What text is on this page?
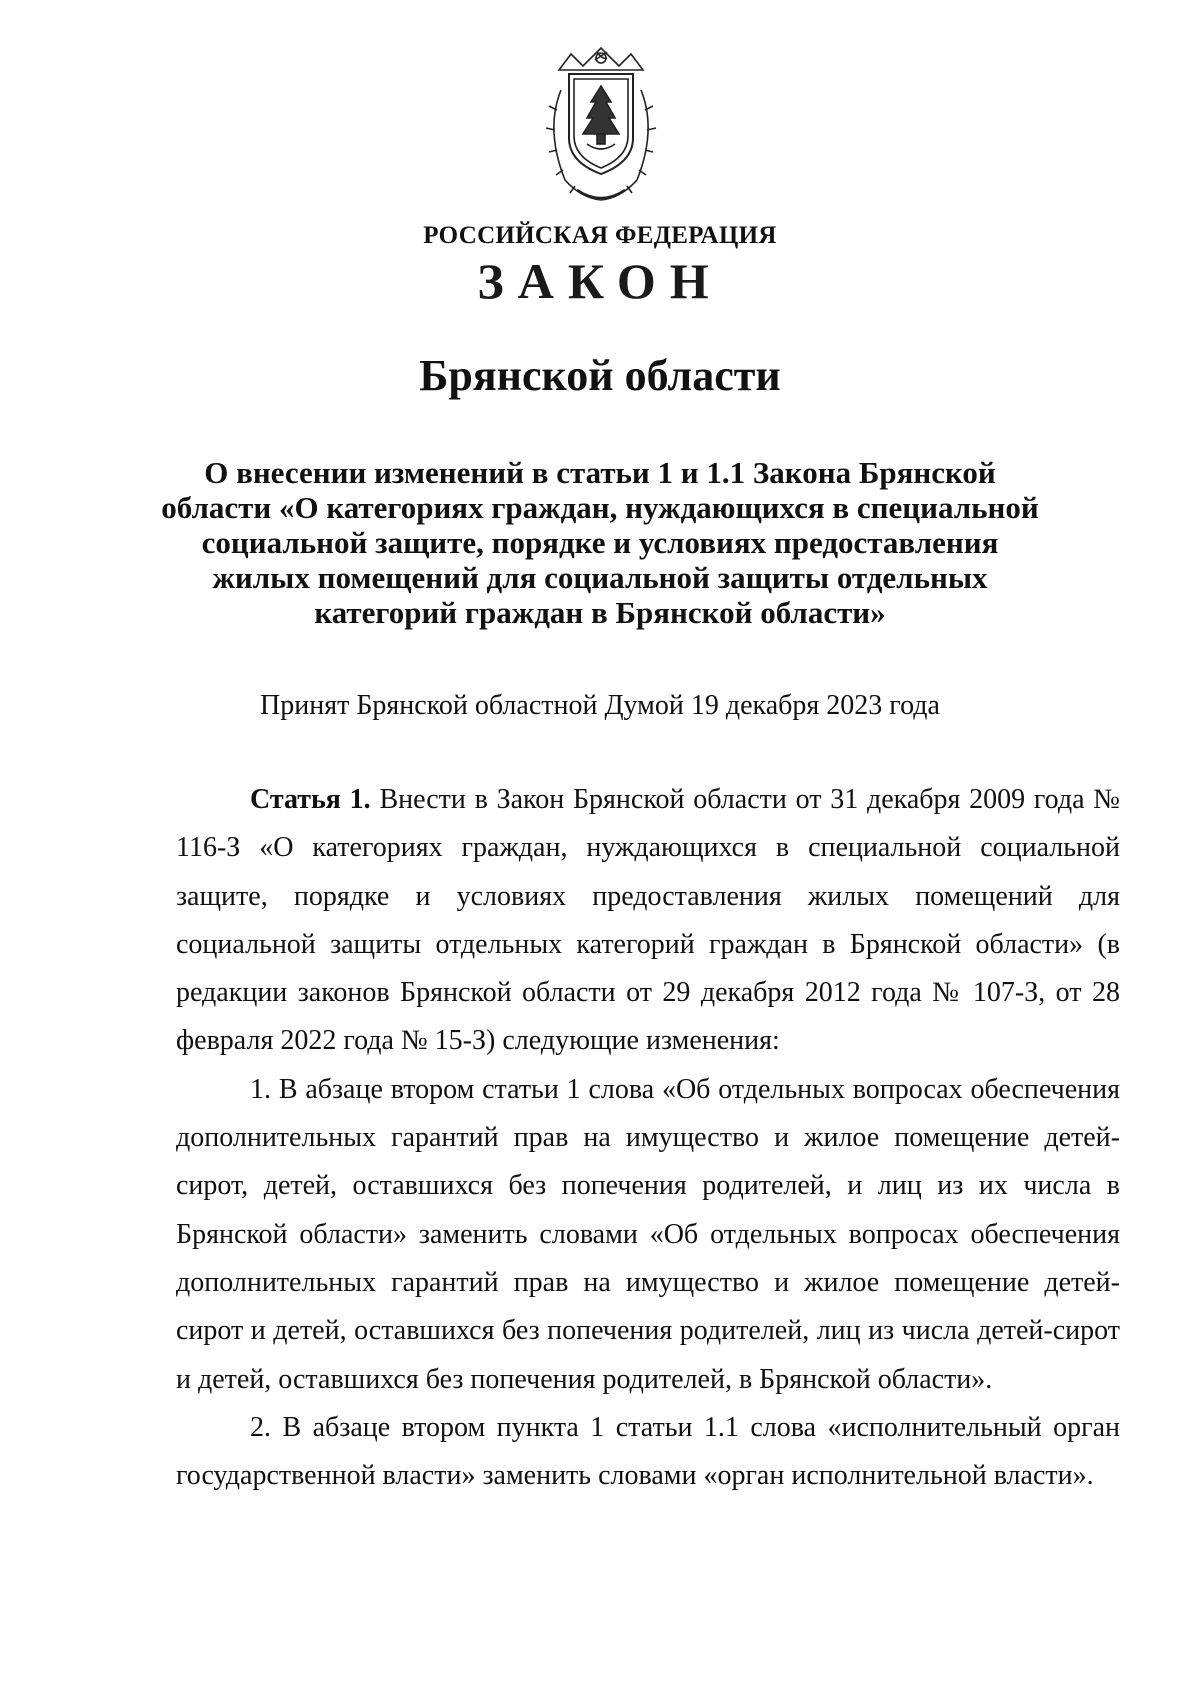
РОССИЙСКАЯ ФЕДЕРАЦИЯ
ЗАКОН
Брянской области
О внесении изменений в статьи 1 и 1.1 Закона Брянской области «О категориях граждан, нуждающихся в специальной социальной защите, порядке и условиях предоставления жилых помещений для социальной защиты отдельных категорий граждан в Брянской области»
Принят Брянской областной Думой 19 декабря 2023 года

Статья 1. Внести в Закон Брянской области от 31 декабря 2009 года № 116-З «О категориях граждан, нуждающихся в специальной социальной защите, порядке и условиях предоставления жилых помещений для социальной защиты отдельных категорий граждан в Брянской области» (в редакции законов Брянской области от 29 декабря 2012 года № 107-З, от 28 февраля 2022 года № 15-З) следующие изменения:

1. В абзаце втором статьи 1 слова «Об отдельных вопросах обеспечения дополнительных гарантий прав на имущество и жилое помещение детей-сирот, детей, оставшихся без попечения родителей, и лиц из их числа в Брянской области» заменить словами «Об отдельных вопросах обеспечения дополнительных гарантий прав на имущество и жилое помещение детей-сирот и детей, оставшихся без попечения родителей, лиц из числа детей-сирот и детей, оставшихся без попечения родителей, в Брянской области».

2. В абзаце втором пункта 1 статьи 1.1 слова «исполнительный орган государственной власти» заменить словами «орган исполнительной власти».
